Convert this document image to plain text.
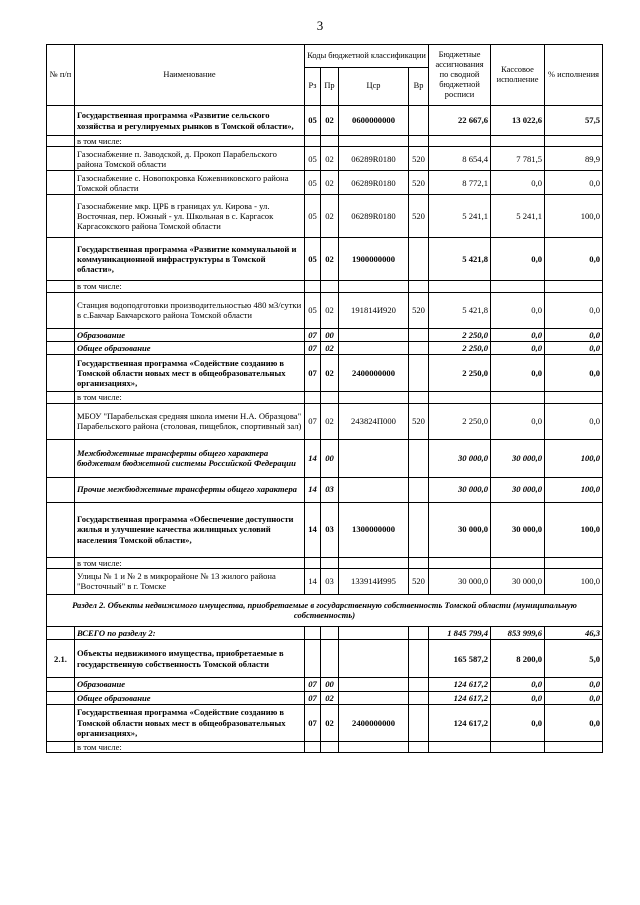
3
№ п/п	Наименование	Коды бюджетной классификации				Бюджетные ассигнования по сводной бюджетной росписи	Кассовое исполнение	% исполнения
		Рз	Пр	Цср	Вр			
	Государственная программа «Развитие сельского хозяйства и регулируемых рынков в Томской области»,	05	02	0600000000		22 667,6	13 022,6	57,5
	в том числе:							
	Газоснабжение п. Заводской, д. Прокоп Парабельского района Томской области	05	02	06289R0180	520	8 654,4	7 781,5	89,9
	Газоснабжение с. Новопокровка Кожевниковского района Томской области	05	02	06289R0180	520	8 772,1	0,0	0,0
	Газоснабжение мкр. ЦРБ в границах ул. Кирова - ул. Восточная, пер. Южный - ул. Школьная в с. Каргасок Каргасокского района Томской области	05	02	06289R0180	520	5 241,1	5 241,1	100,0
	Государственная программа «Развитие коммунальной и коммуникационной инфраструктуры в Томской области»,	05	02	1900000000		5 421,8	0,0	0,0
	в том числе:							
	Станция водоподготовки производительностью 480 м3/сутки в с.Бакчар Бакчарского района Томской области	05	02	191814И920	520	5 421,8	0,0	0,0
	Образование	07	00			2 250,0	0,0	0,0
	Общее образование	07	02			2 250,0	0,0	0,0
	Государственная программа «Содействие созданию в Томской области новых мест в общеобразовательных организациях»,	07	02	2400000000		2 250,0	0,0	0,0
	в том числе:							
	МБОУ "Парабельская средняя школа имени Н.А. Образцова" Парабельского района (столовая, пищеблок, спортивный зал)	07	02	243824П000	520	2 250,0	0,0	0,0
	Межбюджетные трансферты общего характера бюджетам бюджетной системы Российской Федерации	14	00			30 000,0	30 000,0	100,0
	Прочие межбюджетные трансферты общего характера	14	03			30 000,0	30 000,0	100,0
	Государственная программа «Обеспечение доступности жилья и улучшение качества жилищных условий населения Томской области»,	14	03	1300000000		30 000,0	30 000,0	100,0
	в том числе:							
	Улицы № 1 и № 2 в микрорайоне № 13 жилого района "Восточный" в г. Томске	14	03	133914И995	520	30 000,0	30 000,0	100,0
Раздел 2. Объекты недвижимого имущества, приобретаемые в государственную собственность Томской области (муниципальную собственность)								
	ВСЕГО по разделу 2:					1 845 799,4	853 999,6	46,3
2.1.	Объекты недвижимого имущества, приобретаемые в государственную собственность Томской области					165 587,2	8 200,0	5,0
	Образование	07	00			124 617,2	0,0	0,0
	Общее образование	07	02			124 617,2	0,0	0,0
	Государственная программа «Содействие созданию в Томской области новых мест в общеобразовательных организациях»,	07	02	2400000000		124 617,2	0,0	0,0
	в том числе:							
